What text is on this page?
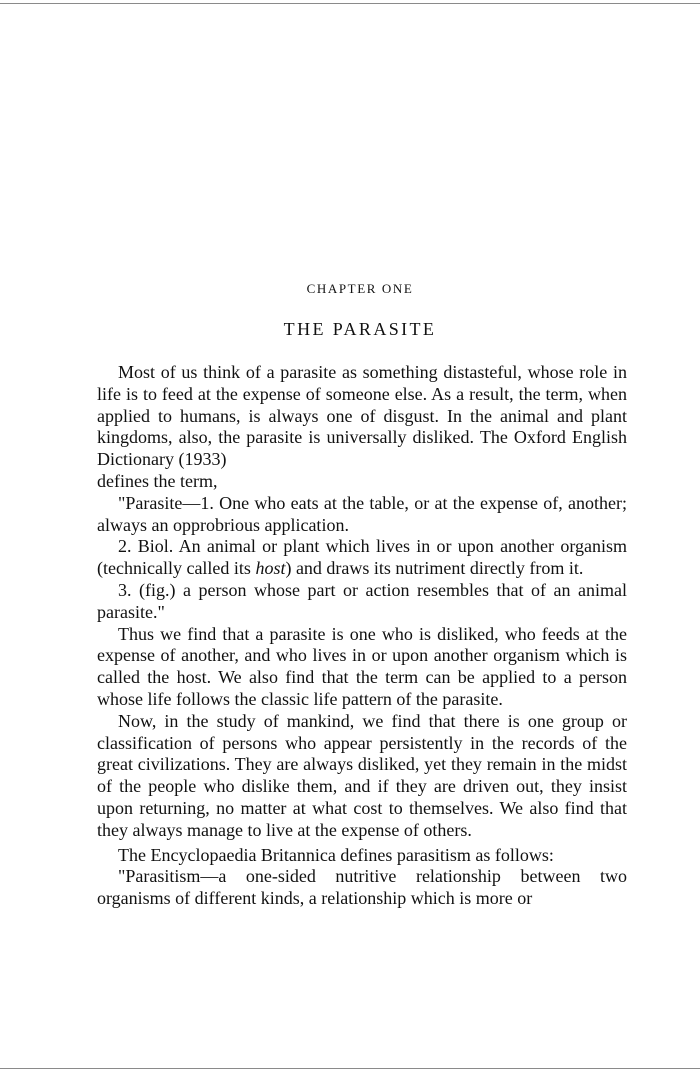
CHAPTER ONE
THE PARASITE

Most of us think of a parasite as something distasteful, whose role in life is to feed at the expense of someone else. As a result, the term, when applied to humans, is always one of disgust. In the animal and plant kingdoms, also, the parasite is universally disliked. The Oxford English Dictionary (1933)

defines the term,

"Parasite—1. One who eats at the table, or at the expense of, another; always an opprobrious application.

2. Biol. An animal or plant which lives in or upon another organism (technically called its host) and draws its nutriment directly from it.

3. (fig.) a person whose part or action resembles that of an animal parasite."

Thus we find that a parasite is one who is disliked, who feeds at the expense of another, and who lives in or upon another organism which is called the host. We also find that the term can be applied to a person whose life follows the classic life pattern of the parasite.

Now, in the study of mankind, we find that there is one group or classification of persons who appear persistently in the records of the great civilizations. They are always disliked, yet they remain in the midst of the people who dislike them, and if they are driven out, they insist upon returning, no matter at what cost to themselves. We also find that they always manage to live at the expense of others.

The Encyclopaedia Britannica defines parasitism as follows:

"Parasitism—a one-sided nutritive relationship between two organisms of different kinds, a relationship which is more or
